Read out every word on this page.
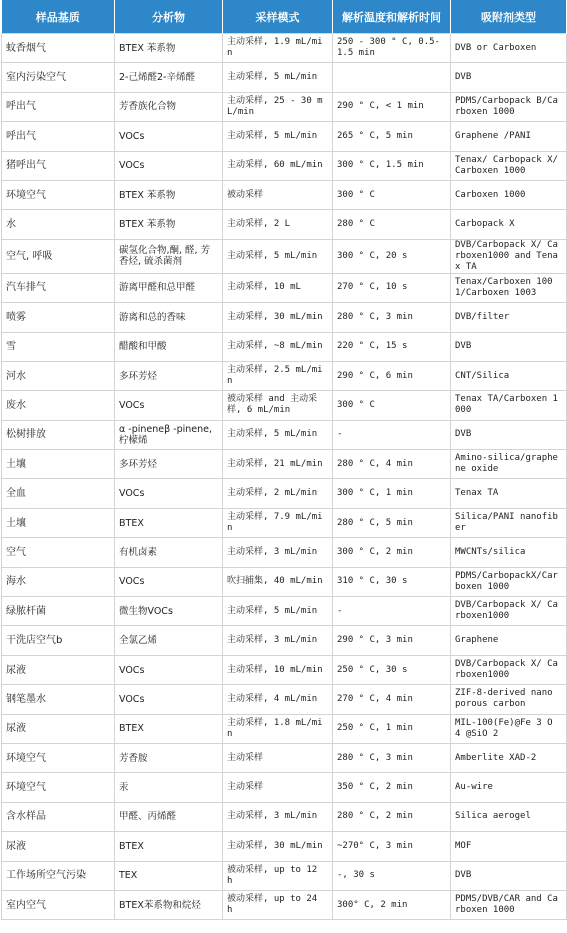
样品基质	分析物	采样模式	解析温度和解析时间	吸附剂类型
蚊香烟气	BTEX 苯系物	主动采样, 1.9 mL/min	250 - 300 ° C, 0.5-1.5 min	DVB or Carboxen
室内污染空气	2-己烯醛2-辛烯醛	主动采样, 5 mL/min		DVB
呼出气	芳香族化合物	主动采样, 25 - 30 mL/min	290 ° C, < 1 min	PDMS/Carbopack B/Carboxen 1000
呼出气	VOCs	主动采样, 5 mL/min	265 ° C, 5 min	Graphene /PANI
猪呼出气	VOCs	主动采样, 60 mL/min	300 ° C, 1.5 min	Tenax/ Carbopack X/Carboxen 1000
环境空气	BTEX 苯系物	被动采样	300 ° C	Carboxen 1000
水	BTEX 苯系物	主动采样, 2 L	280 ° C	Carbopack X
空气, 呼吸	碳氢化合物,酮, 醛, 芳香烃, 硫杀菌剂	主动采样, 5 mL/min	300 ° C, 20 s	DVB/Carbopack X/ Carboxen1000 and Tenax TA
汽车排气	游离甲醛和总甲醛	主动采样, 10 mL	270 ° C, 10 s	Tenax/Carboxen 1001/Carboxen 1003
喷雾	游离和总的香味	主动采样, 30 mL/min	280 ° C, 3 min	DVB/filter
雪	醋酸和甲酸	主动采样, ~8 mL/min	220 ° C, 15 s	DVB
河水	多环芳烃	主动采样, 2.5 mL/min	290 ° C, 6 min	CNT/Silica
废水	VOCs	被动采样 and 主动采样, 6 mL/min	300 ° C	Tenax TA/Carboxen 1000
松树排放	α -pineneβ -pinene, 柠檬烯	主动采样, 5 mL/min	-	DVB
土壤	多环芳烃	主动采样, 21 mL/min	280 ° C, 4 min	Amino-silica/graphene oxide
全血	VOCs	主动采样, 2 mL/min	300 ° C, 1 min	Tenax TA
土壤	BTEX	主动采样, 7.9 mL/min	280 ° C, 5 min	Silica/PANI nanofiber
空气	有机卤素	主动采样, 3 mL/min	300 ° C, 2 min	MWCNTs/silica
海水	VOCs	吹扫捕集, 40 mL/min	310 ° C, 30 s	PDMS/CarbopackX/Carboxen 1000
绿脓杆菌	微生物VOCs	主动采样, 5 mL/min	-	DVB/Carbopack X/ Carboxen1000
干洗店空气b	全氯乙烯	主动采样, 3 mL/min	290 ° C, 3 min	Graphene
尿液	VOCs	主动采样, 10 mL/min	250 ° C, 30 s	DVB/Carbopack X/ Carboxen1000
钢笔墨水	VOCs	主动采样, 4 mL/min	270 ° C, 4 min	ZIF-8-derived nano porous carbon
尿液	BTEX	主动采样, 1.8 mL/min	250 ° C, 1 min	MIL-100(Fe)@Fe 3 O 4 @SiO 2
环境空气	芳香胺	主动采样	280 ° C, 3 min	Amberlite XAD-2
环境空气	汞	主动采样	350 ° C, 2 min	Au-wire
含水样品	甲醛、丙烯醛	主动采样, 3 mL/min	280 ° C, 2 min	Silica aerogel
尿液	BTEX	主动采样, 30 mL/min	~270° C, 3 min	MOF
工作场所空气污染	TEX	被动采样, up to 12 h	-, 30 s	DVB
室内空气	BTEX苯系物和烷烃	被动采样, up to 24 h	300° C, 2 min	PDMS/DVB/CAR and Carboxen 1000
